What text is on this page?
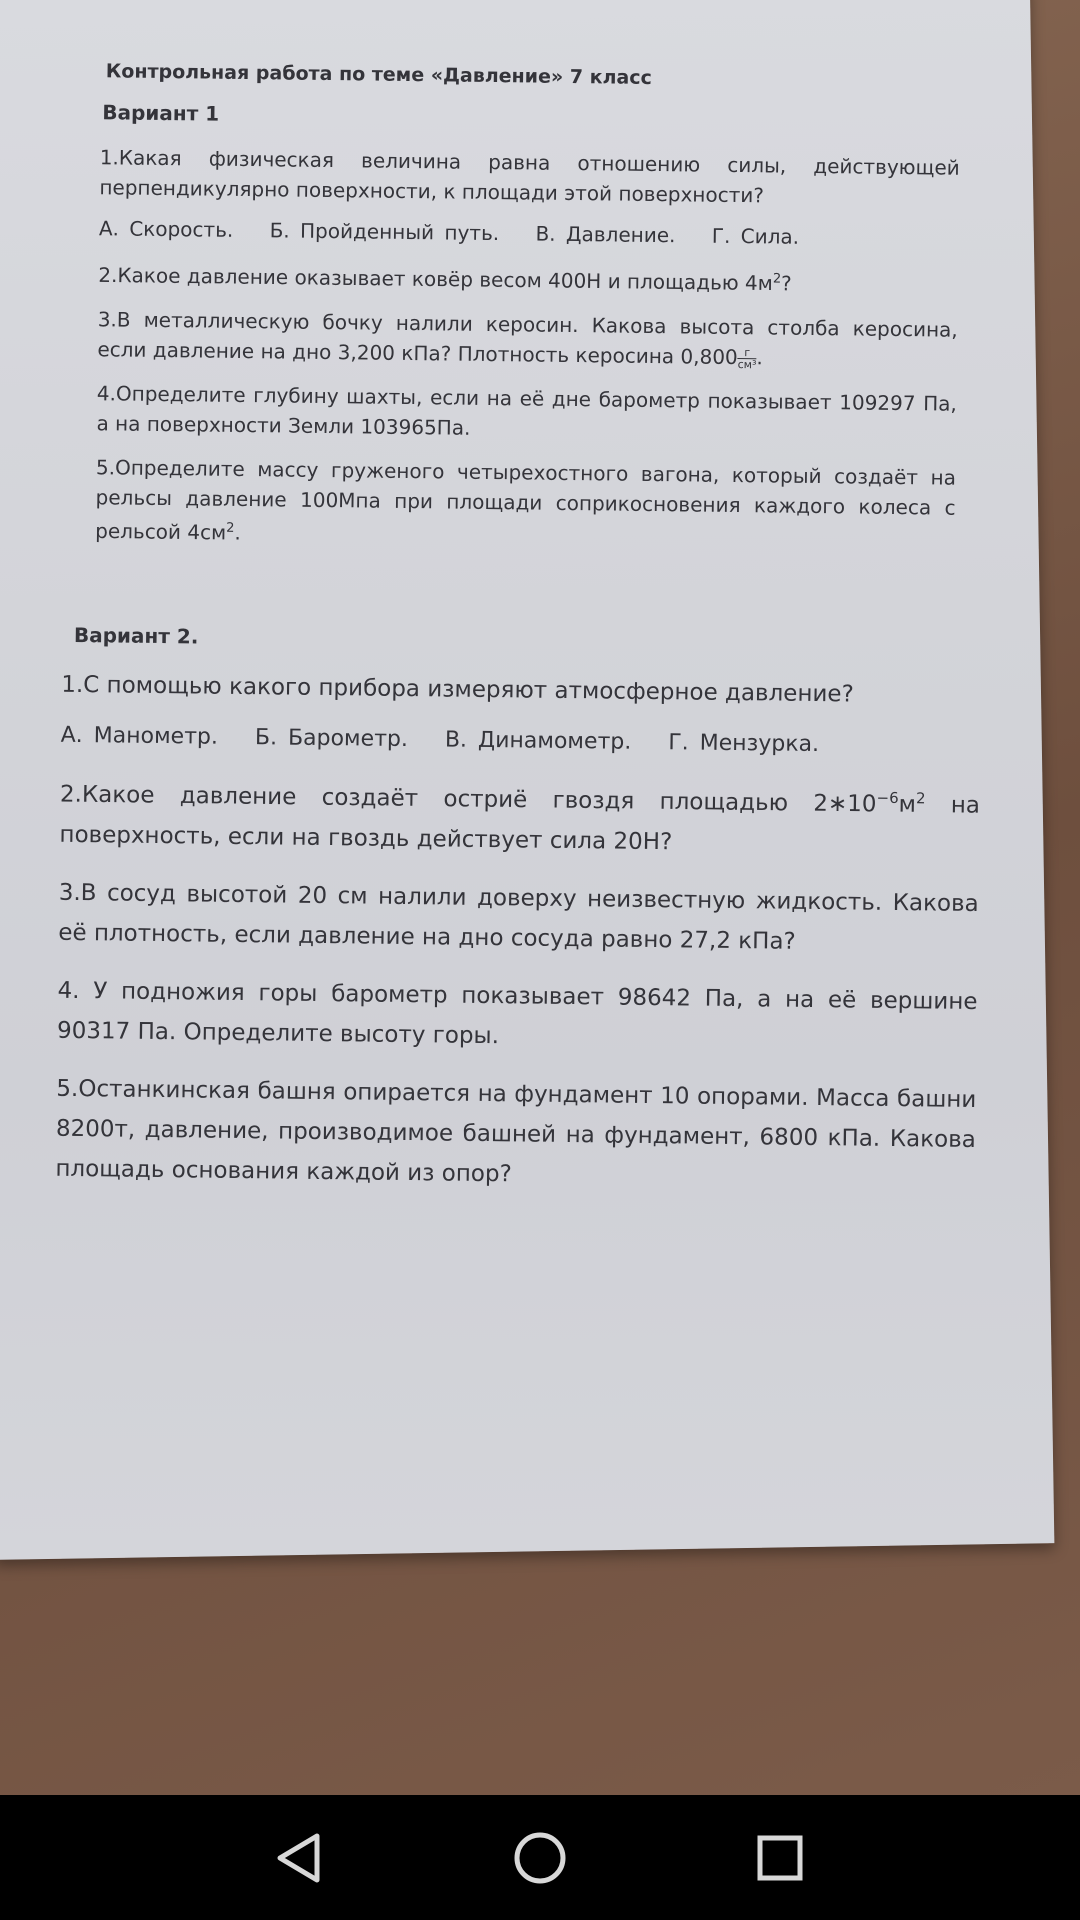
Контрольная работа по теме «Давление» 7 класс
Вариант 1
1.Какая физическая величина равна отношению силы, действующей перпендикулярно поверхности, к площади этой поверхности?
А. Скорость. Б. Пройденный путь. В. Давление. Г. Сила.
2.Какое давление оказывает ковёр весом 400Н и площадью $4м^2$?
3.В металлическую бочку налили керосин. Какова высота столба керосина, если давление на дно 3,200 кПа? Плотность керосина $0,800 \frac{г}{\text{см³}}$ .
4.Определите глубину шахты, если на её дне барометр показывает 109297 Па, а на поверхности Земли 103965Па.
5.Определите массу груженого четырехостного вагона, который создаёт на рельсы давление 100Мпа при площади соприкосновения каждого колеса с рельсой $4см^2$.
Вариант 2.
1.С помощью какого прибора измеряют атмосферное давление?
А. Манометр. Б. Барометр. В. Динамометр. Г. Мензурка.
2.Какое давление создаёт остриё гвоздя площадью $2∗10^{-6}м^2$ на поверхность, если на гвоздь действует сила 20Н?
3.В сосуд высотой 20 см налили доверху неизвестную жидкость. Какова её плотность, если давление на дно сосуда равно 27,2 кПа?
4. У подножия горы барометр показывает 98642 Па, а на её вершине 90317 Па. Определите высоту горы.
5.Останкинская башня опирается на фундамент 10 опорами. Масса башни 8200т, давление, производимое башней на фундамент, 6800 кПа. Какова площадь основания каждой из опор?
